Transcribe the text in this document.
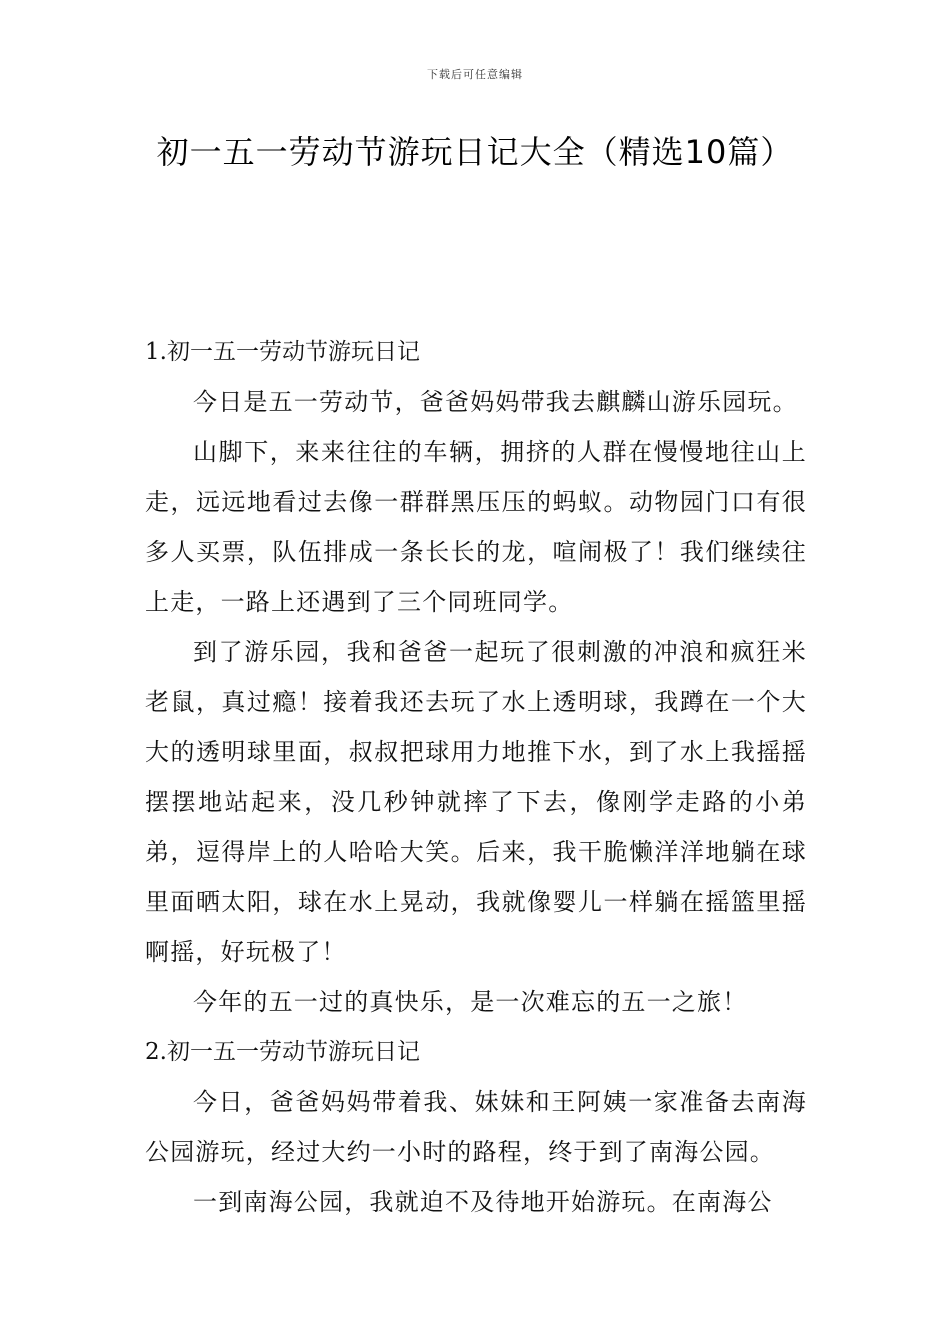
下载后可任意编辑
初一五一劳动节游玩日记大全（精选10篇）

1.初一五一劳动节游玩日记

今日是五一劳动节，爸爸妈妈带我去麒麟山游乐园玩。

山脚下，来来往往的车辆，拥挤的人群在慢慢地往山上走，远远地看过去像一群群黑压压的蚂蚁。动物园门口有很多人买票，队伍排成一条长长的龙，喧闹极了！我们继续往上走，一路上还遇到了三个同班同学。

到了游乐园，我和爸爸一起玩了很刺激的冲浪和疯狂米老鼠，真过瘾！接着我还去玩了水上透明球，我蹲在一个大大的透明球里面，叔叔把球用力地推下水，到了水上我摇摇摆摆地站起来，没几秒钟就摔了下去，像刚学走路的小弟弟，逗得岸上的人哈哈大笑。后来，我干脆懒洋洋地躺在球里面晒太阳，球在水上晃动，我就像婴儿一样躺在摇篮里摇啊摇，好玩极了！

今年的五一过的真快乐，是一次难忘的五一之旅！

2.初一五一劳动节游玩日记

今日，爸爸妈妈带着我、妹妹和王阿姨一家准备去南海公园游玩，经过大约一小时的路程，终于到了南海公园。

一到南海公园，我就迫不及待地开始游玩。在南海公
